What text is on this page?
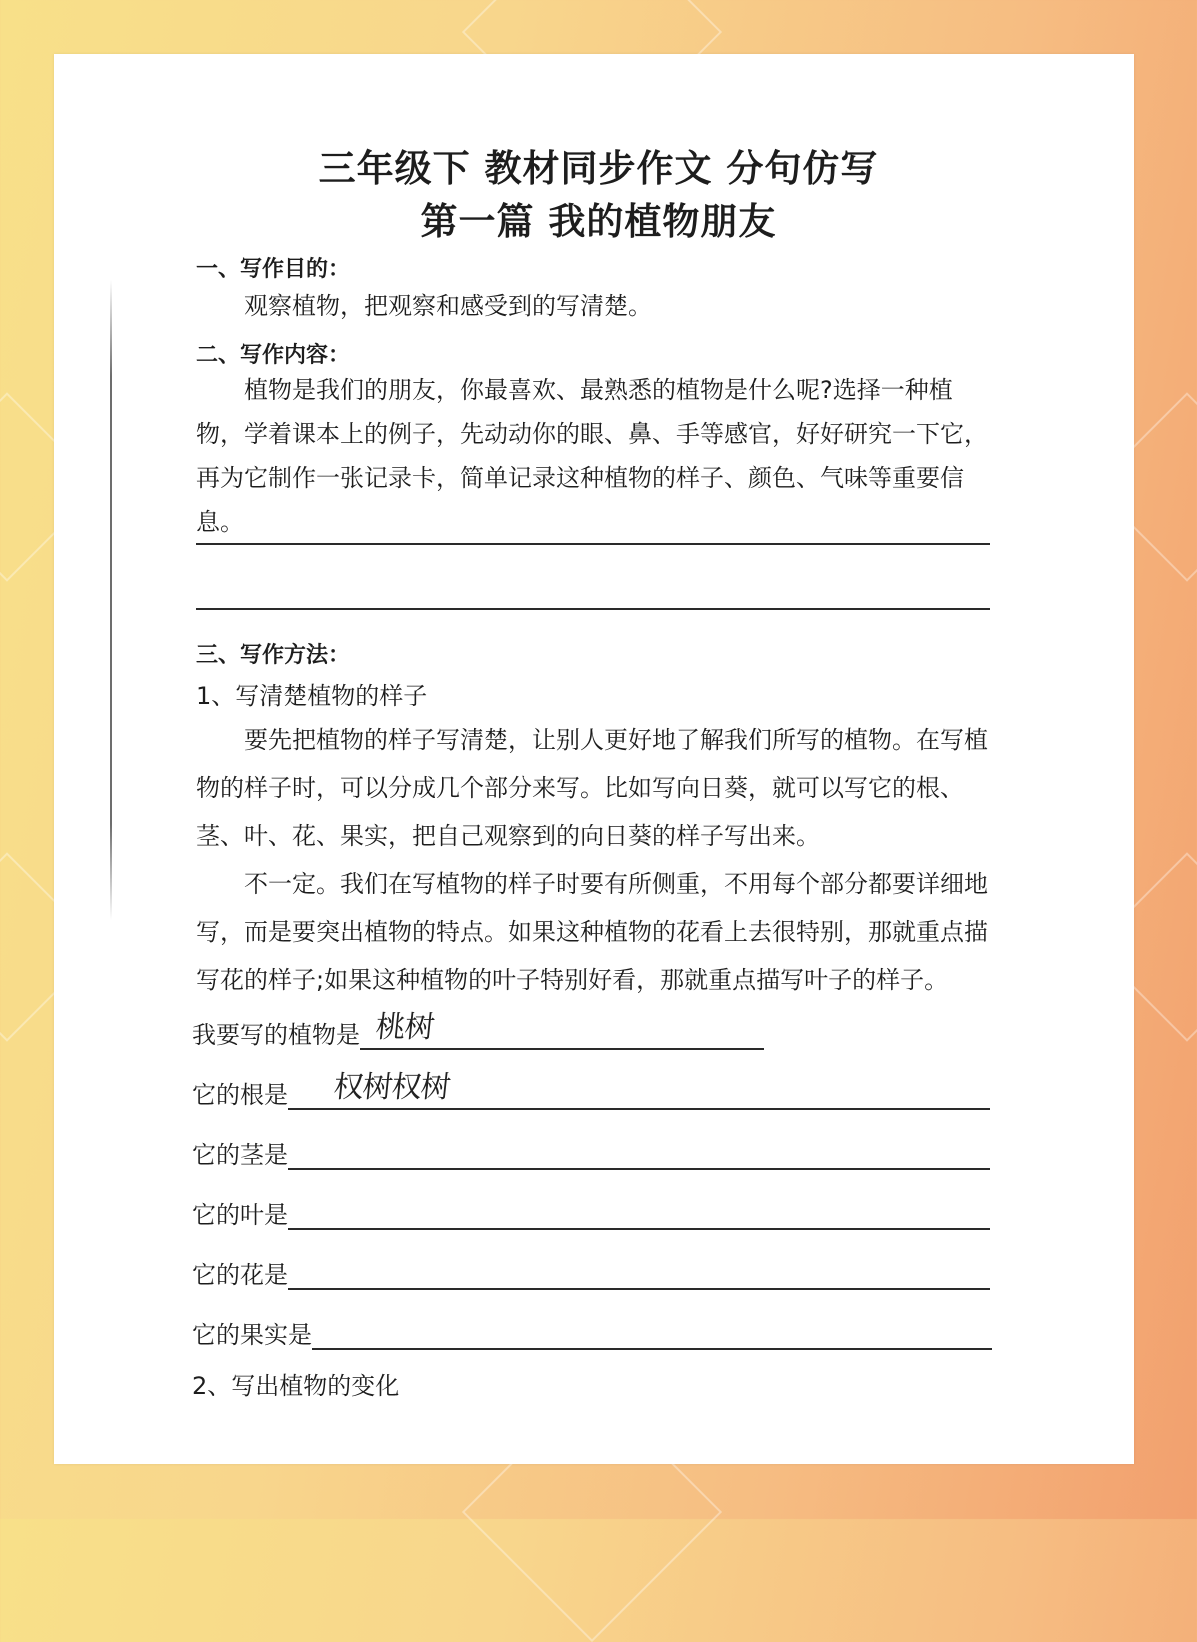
三年级下 教材同步作文 分句仿写
第一篇 我的植物朋友

一、写作目的：

观察植物，把观察和感受到的写清楚。

二、写作内容：

植物是我们的朋友，你最喜欢、最熟悉的植物是什么呢?选择一种植物，学着课本上的例子，先动动你的眼、鼻、手等感官，好好研究一下它，再为它制作一张记录卡，简单记录这种植物的样子、颜色、气味等重要信息。

三、写作方法：

1、写清楚植物的样子

要先把植物的样子写清楚，让别人更好地了解我们所写的植物。在写植物的样子时，可以分成几个部分来写。比如写向日葵，就可以写它的根、茎、叶、花、果实，把自己观察到的向日葵的样子写出来。

不一定。我们在写植物的样子时要有所侧重，不用每个部分都要详细地写，而是要突出植物的特点。如果这种植物的花看上去很特别，那就重点描写花的样子;如果这种植物的叶子特别好看，那就重点描写叶子的样子。

我要写的植物是 桃树
它的根是 权树权树
它的茎是
它的叶是
它的花是
它的果实是

2、写出植物的变化
